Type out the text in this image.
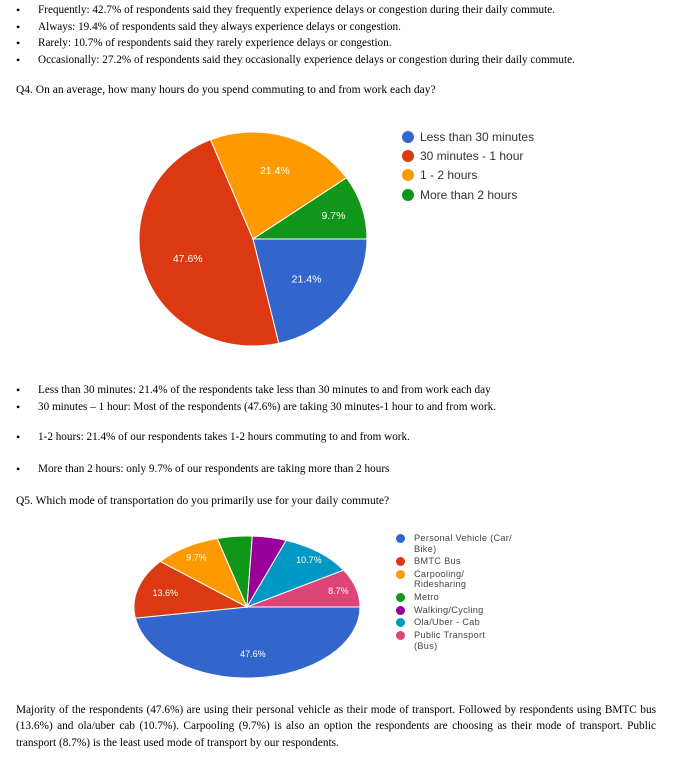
• Frequently: 42.7% of respondents said they frequently experience delays or congestion during their daily commute.
• Always: 19.4% of respondents said they always experience delays or congestion.
• Rarely: 10.7% of respondents said they rarely experience delays or congestion.
• Occasionally: 27.2% of respondents said they occasionally experience delays or congestion during their daily commute.

Q4. On an average, how many hours do you spend commuting to and from work each day?

21.4%
47.6%
21.4%
9.7%
Less than 30 minutes
30 minutes - 1 hour
1 - 2 hours
More than 2 hours
• Less than 30 minutes: 21.4% of the respondents take less than 30 minutes to and from work each day
• 30 minutes – 1 hour: Most of the respondents (47.6%) are taking 30 minutes-1 hour to and from work.
• 1-2 hours: 21.4% of our respondents takes 1-2 hours commuting to and from work.
• More than 2 hours: only 9.7% of our respondents are taking more than 2 hours

Q5. Which mode of transportation do you primarily use for your daily commute?

47.6%
13.6%
9.7%	10.7%
8.7%
Personal Vehicle (Car/
Bike)
BMTC Bus
Carpooling/
Ridesharing
Metro
Walking/Cycling
Ola/Uber - Cab
Public Transport
(Bus)

Majority of the respondents (47.6%) are using their personal vehicle as their mode of transport. Followed by respondents using BMTC bus (13.6%) and ola/uber cab (10.7%). Carpooling (9.7%) is also an option the respondents are choosing as their mode of transport. Public transport (8.7%) is the least used mode of transport by our respondents.
